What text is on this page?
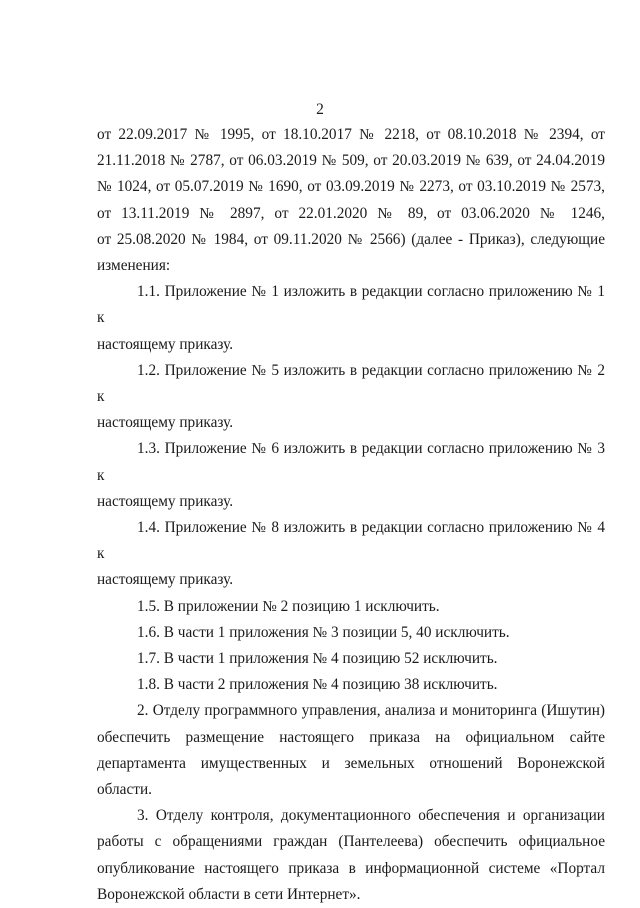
2
от 22.09.2017 № 1995, от 18.10.2017 № 2218, от 08.10.2018 № 2394, от
21.11.2018 № 2787, от 06.03.2019 № 509, от 20.03.2019 № 639, от 24.04.2019
№ 1024, от 05.07.2019 № 1690, от 03.09.2019 № 2273, от 03.10.2019 № 2573,
от 13.11.2019 № 2897, от 22.01.2020 № 89, от 03.06.2020 № 1246,
от 25.08.2020 № 1984, от 09.11.2020 № 2566) (далее - Приказ), следующие
изменения:
1.1. Приложение № 1 изложить в редакции согласно приложению № 1 к
настоящему приказу.
1.2. Приложение № 5 изложить в редакции согласно приложению № 2 к
настоящему приказу.
1.3. Приложение № 6 изложить в редакции согласно приложению № 3 к
настоящему приказу.
1.4. Приложение № 8 изложить в редакции согласно приложению № 4 к
настоящему приказу.
1.5. В приложении № 2 позицию 1 исключить.
1.6. В части 1 приложения № 3 позиции 5, 40 исключить.
1.7. В части 1 приложения № 4 позицию 52 исключить.
1.8. В части 2 приложения № 4 позицию 38 исключить.
2. Отделу программного управления, анализа и мониторинга (Ишутин)
обеспечить размещение настоящего приказа на официальном сайте
департамента имущественных и земельных отношений Воронежской
области.
3. Отделу контроля, документационного обеспечения и организации
работы с обращениями граждан (Пантелеева) обеспечить официальное
опубликование настоящего приказа в информационной системе «Портал
Воронежской области в сети Интернет».
